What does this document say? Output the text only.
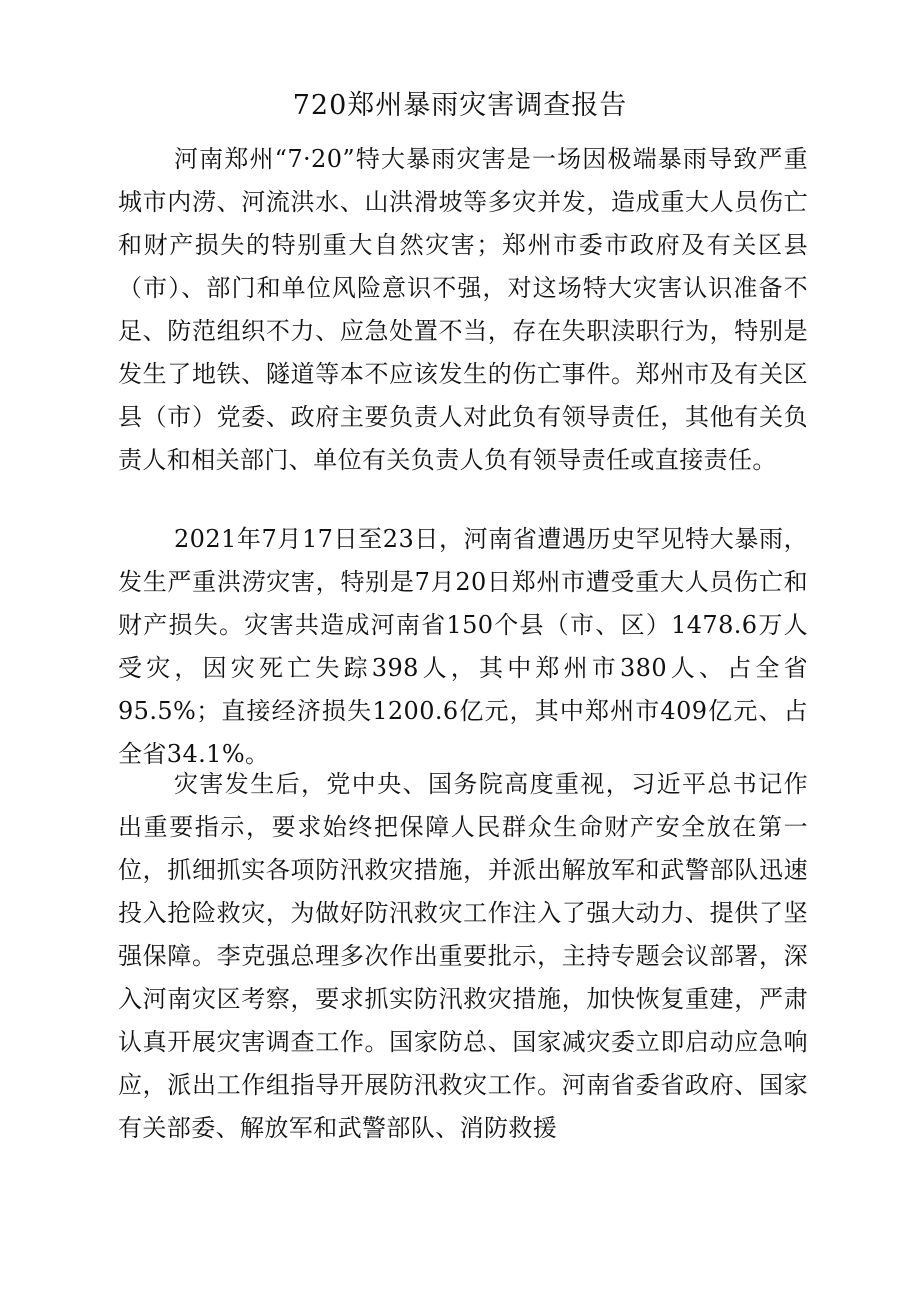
720郑州暴雨灾害调查报告

河南郑州“7·20”特大暴雨灾害是一场因极端暴雨导致严重城市内涝、河流洪水、山洪滑坡等多灾并发，造成重大人员伤亡和财产损失的特别重大自然灾害；郑州市委市政府及有关区县（市）、部门和单位风险意识不强，对这场特大灾害认识准备不足、防范组织不力、应急处置不当，存在失职渎职行为，特别是发生了地铁、隧道等本不应该发生的伤亡事件。郑州市及有关区县（市）党委、政府主要负责人对此负有领导责任，其他有关负责人和相关部门、单位有关负责人负有领导责任或直接责任。

2021年7月17日至23日，河南省遭遇历史罕见特大暴雨，发生严重洪涝灾害，特别是7月20日郑州市遭受重大人员伤亡和财产损失。灾害共造成河南省150个县（市、区）1478.6万人受灾，因灾死亡失踪398人，其中郑州市380人、占全省95.5%；直接经济损失1200.6亿元，其中郑州市409亿元、占全省34.1%。

灾害发生后，党中央、国务院高度重视，习近平总书记作出重要指示，要求始终把保障人民群众生命财产安全放在第一位，抓细抓实各项防汛救灾措施，并派出解放军和武警部队迅速投入抢险救灾，为做好防汛救灾工作注入了强大动力、提供了坚强保障。李克强总理多次作出重要批示，主持专题会议部署，深入河南灾区考察，要求抓实防汛救灾措施，加快恢复重建，严肃认真开展灾害调查工作。国家防总、国家减灾委立即启动应急响应，派出工作组指导开展防汛救灾工作。河南省委省政府、国家有关部委、解放军和武警部队、消防救援
